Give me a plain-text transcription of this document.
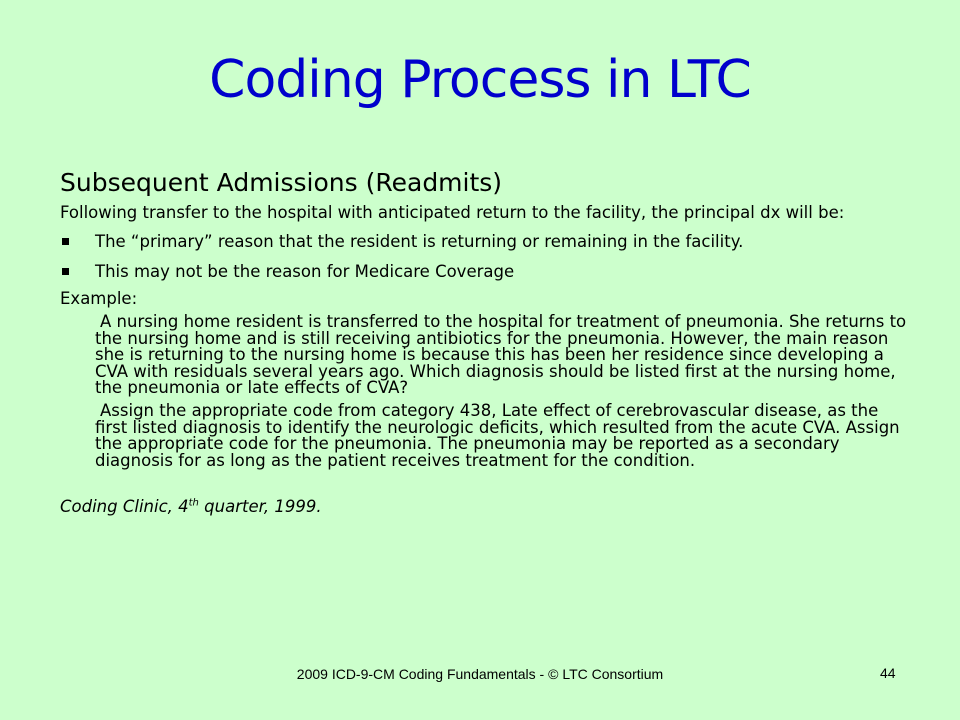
Coding Process in LTC
Subsequent Admissions (Readmits)
Following transfer to the hospital with anticipated return to the facility, the principal dx will be:
The “primary” reason that the resident is returning or remaining in the facility.
This may not be the reason for Medicare Coverage
Example:
A nursing home resident is transferred to the hospital for treatment of pneumonia. She returns to the nursing home and is still receiving antibiotics for the pneumonia. However, the main reason she is returning to the nursing home is because this has been her residence since developing a CVA with residuals several years ago. Which diagnosis should be listed first at the nursing home, the pneumonia or late effects of CVA?
Assign the appropriate code from category 438, Late effect of cerebrovascular disease, as the first listed diagnosis to identify the neurologic deficits, which resulted from the acute CVA. Assign the appropriate code for the pneumonia. The pneumonia may be reported as a secondary diagnosis for as long as the patient receives treatment for the condition.
Coding Clinic, 4th quarter, 1999.
2009 ICD-9-CM Coding Fundamentals - © LTC Consortium	44
